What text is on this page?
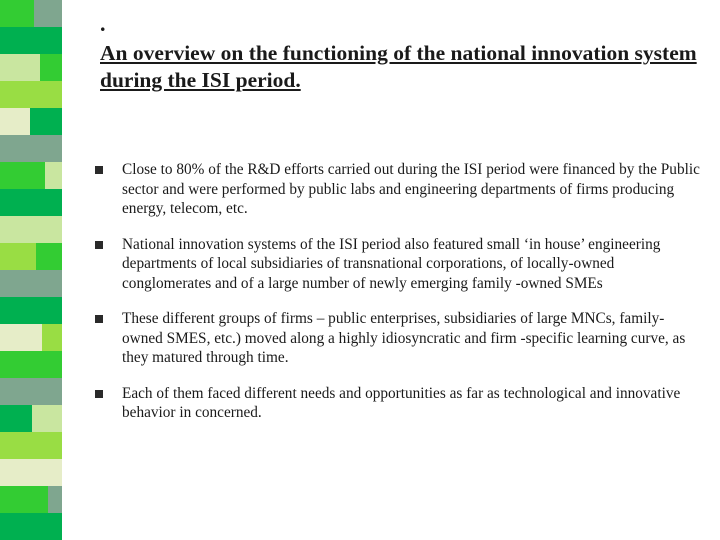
.
An overview on the functioning of the national innovation system during the ISI period.
Close to 80% of the R&D efforts carried out during the ISI period were financed by the Public sector and were performed by public labs and engineering departments of firms producing energy, telecom, etc.
National innovation systems of the ISI period also featured small ‘in house’ engineering departments of local subsidiaries of transnational corporations, of locally-owned conglomerates and of a large number of newly emerging family -owned SMEs
These different groups of firms – public enterprises, subsidiaries of large MNCs, family-owned SMES, etc.) moved along a highly idiosyncratic and firm -specific learning curve, as they matured through time.
Each of them faced different needs and opportunities as far as technological and innovative behavior in concerned.
